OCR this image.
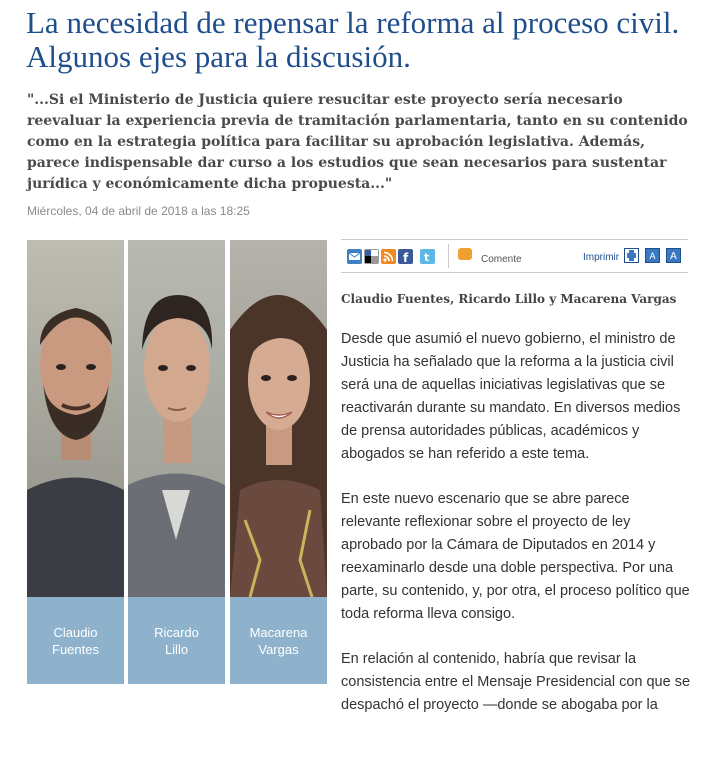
La necesidad de repensar la reforma al proceso civil. Algunos ejes para la discusión.

"...Si el Ministerio de Justicia quiere resucitar este proyecto sería necesario reevaluar la experiencia previa de tramitación parlamentaria, tanto en su contenido como en la estrategia política para facilitar su aprobación legislativa. Además, parece indispensable dar curso a los estudios que sean necesarios para sustentar jurídica y económicamente dicha propuesta..."

Miércoles, 04 de abril de 2018 a las 18:25
Claudio
Fuentes
Ricardo
Lillo
Macarena
Vargas
f t	Comente	Imprimir	A	A
Claudio Fuentes, Ricardo Lillo y Macarena Vargas

Desde que asumió el nuevo gobierno, el ministro de Justicia ha señalado que la reforma a la justicia civil será una de aquellas iniciativas legislativas que se reactivarán durante su mandato. En diversos medios de prensa autoridades públicas, académicos y abogados se han referido a este tema.

En este nuevo escenario que se abre parece relevante reflexionar sobre el proyecto de ley aprobado por la Cámara de Diputados en 2014 y reexaminarlo desde una doble perspectiva. Por una parte, su contenido, y, por otra, el proceso político que toda reforma lleva consigo.

En relación al contenido, habría que revisar la consistencia entre el Mensaje Presidencial con que se despachó el proyecto —donde se abogaba por la
